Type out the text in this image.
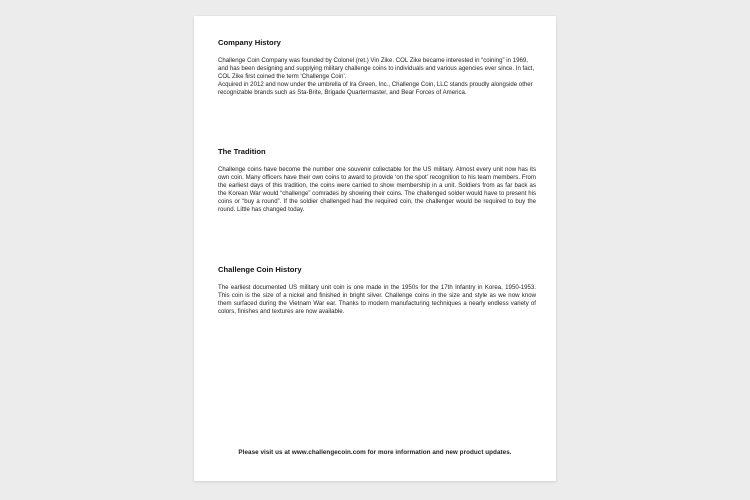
Company History

Challenge Coin Company was founded by Colonel (ret.) Vin Zike. COL Zike became interested in “coining” in 1969, and has been designing and supplying military challenge coins to individuals and various agencies ever since. In fact, COL Zike first coined the term ‘Challenge Coin’.

Acquired in 2012 and now under the umbrella of Ira Green, Inc., Challenge Coin, LLC stands proudly alongside other recognizable brands such as Sta-Brite, Brigade Quartermaster, and Bear Forces of America.

The Tradition

Challenge coins have become the number one souvenir collectable for the US military. Almost every unit now has its own coin. Many officers have their own coins to award to provide ‘on the spot’ recognition to his team members. From the earliest days of this tradition, the coins were carried to show membership in a unit. Soldiers from as far back as the Korean War would “challenge” comrades by showing their coins. The challenged solder would have to present his coins or “buy a round”. If the soldier challenged had the required coin, the challenger would be required to buy the round. Little has changed today.

Challenge Coin History

The earliest documented US military unit coin is one made in the 1950s for the 17th Infantry in Korea, 1950-1953. This coin is the size of a nickel and finished in bright silver. Challenge coins in the size and style as we now know them surfaced during the Vietnam War ear. Thanks to modern manufacturing techniques a nearly endless variety of colors, finishes and textures are now available.

Please visit us at www.challengecoin.com for more information and new product updates.
